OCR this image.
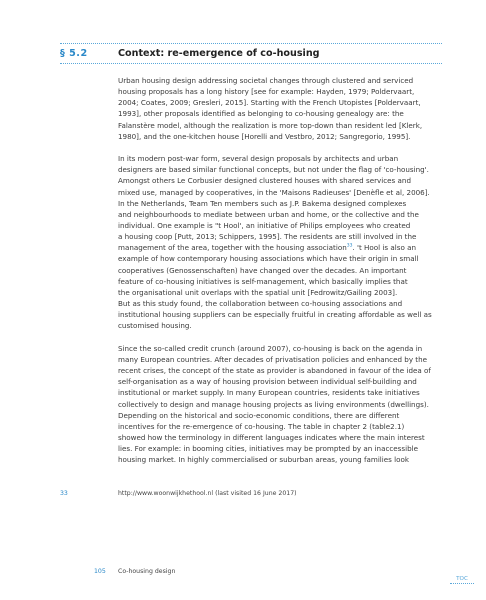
§ 5.2	Context: re-emergence of co-housing

Urban housing design addressing societal changes through clustered and serviced
housing proposals has a long history [see for example: Hayden, 1979; Poldervaart,
2004; Coates, 2009; Gresleri, 2015]. Starting with the French Utopistes [Poldervaart,
1993], other proposals identified as belonging to co-housing genealogy are: the
Falanstère model, although the realization is more top-down than resident led [Klerk,
1980], and the one-kitchen house [Horelli and Vestbro, 2012; Sangregorio, 1995].

In its modern post-war form, several design proposals by architects and urban
designers are based similar functional concepts, but not under the flag of 'co-housing'.
Amongst others Le Corbusier designed clustered houses with shared services and
mixed use, managed by cooperatives, in the 'Maisons Radieuses' [Denèfle et al, 2006].
In the Netherlands, Team Ten members such as J.P. Bakema designed complexes
and neighbourhoods to mediate between urban and home, or the collective and the
individual. One example is "t Hool', an initiative of Philips employees who created
a housing coop [Putt, 2013; Schippers, 1995]. The residents are still involved in the
management of the area, together with the housing association$^{33}$. 't Hool is also an
example of how contemporary housing associations which have their origin in small
cooperatives (Genossenschaften) have changed over the decades. An important
feature of co-housing initiatives is self-management, which basically implies that
the organisational unit overlaps with the spatial unit [Fedrowitz/Gailing 2003].
But as this study found, the collaboration between co-housing associations and
institutional housing suppliers can be especially fruitful in creating affordable as well as
customised housing.

Since the so-called credit crunch (around 2007), co-housing is back on the agenda in
many European countries. After decades of privatisation policies and enhanced by the
recent crises, the concept of the state as provider is abandoned in favour of the idea of
self-organisation as a way of housing provision between individual self-building and
institutional or market supply. In many European countries, residents take initiatives
collectively to design and manage housing projects as living environments (dwellings).
Depending on the historical and socio-economic conditions, there are different
incentives for the re-emergence of co-housing. The table in chapter 2 (table2.1)
showed how the terminology in different languages indicates where the main interest
lies. For example: in booming cities, initiatives may be prompted by an inaccessible
housing market. In highly commercialised or suburban areas, young families look

33	http://www.woonwijkhethool.nl (last visited 16 June 2017)
105 Co-housing design
TOC
